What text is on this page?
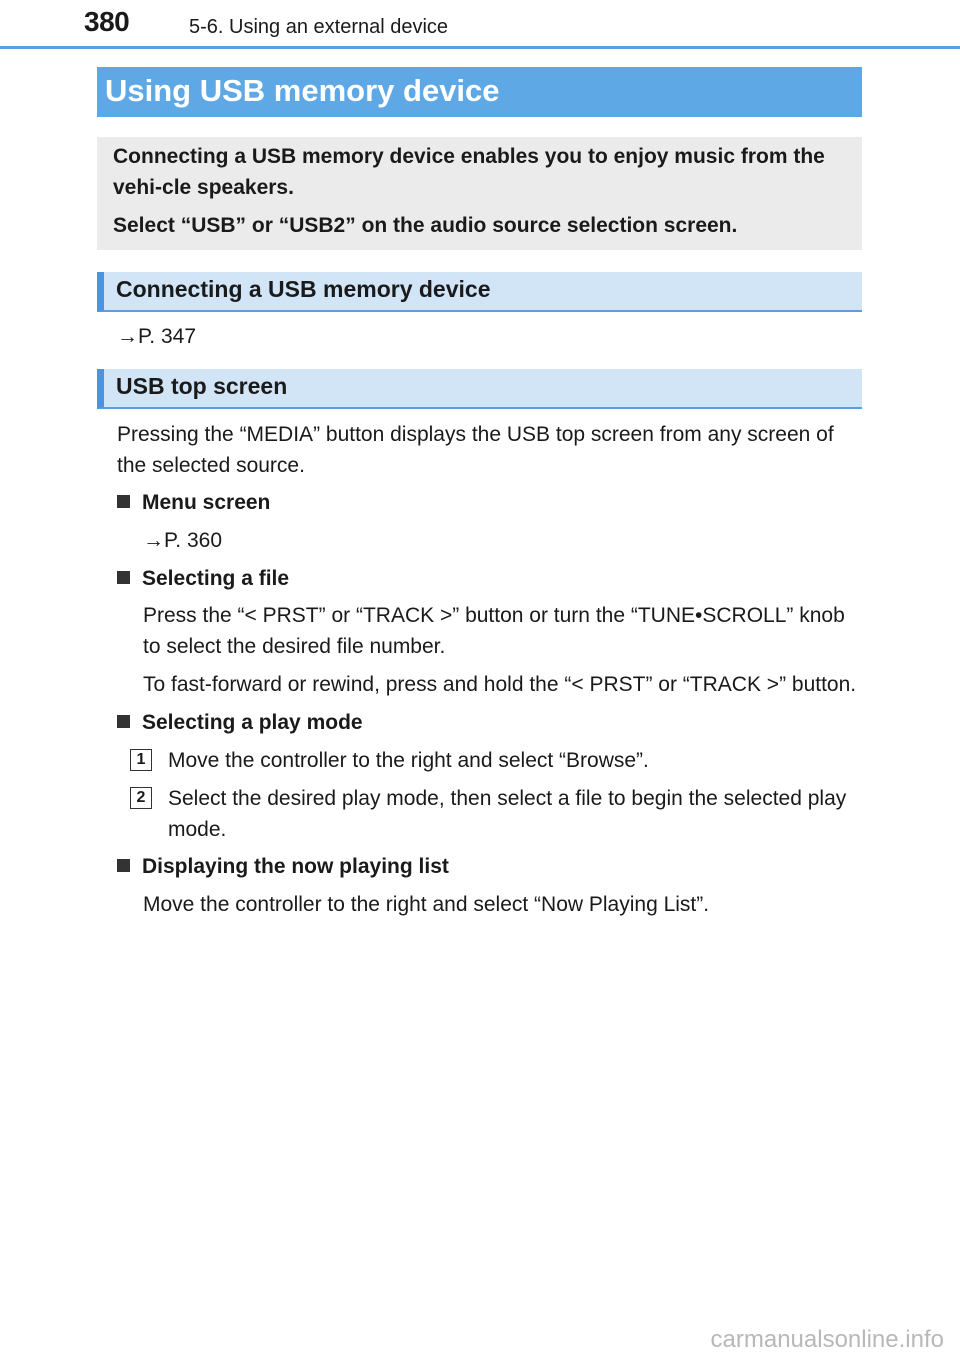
380	5-6. Using an external device
Using USB memory device

Connecting a USB memory device enables you to enjoy music from the vehi-cle speakers.

Select “USB” or “USB2” on the audio source selection screen.

Connecting a USB memory device

→P. 347

USB top screen

Pressing the “MEDIA” button displays the USB top screen from any screen of the selected source.

Menu screen

→P. 360

Selecting a file

Press the “< PRST” or “TRACK >” button or turn the “TUNE•SCROLL” knob to select the desired file number.

To fast-forward or rewind, press and hold the “< PRST” or “TRACK >” button.

Selecting a play mode
1	Move the controller to the right and select “Browse”.
2	Select the desired play mode, then select a file to begin the selected play mode.
Displaying the now playing list

Move the controller to the right and select “Now Playing List”.

carmanualsonline.info
